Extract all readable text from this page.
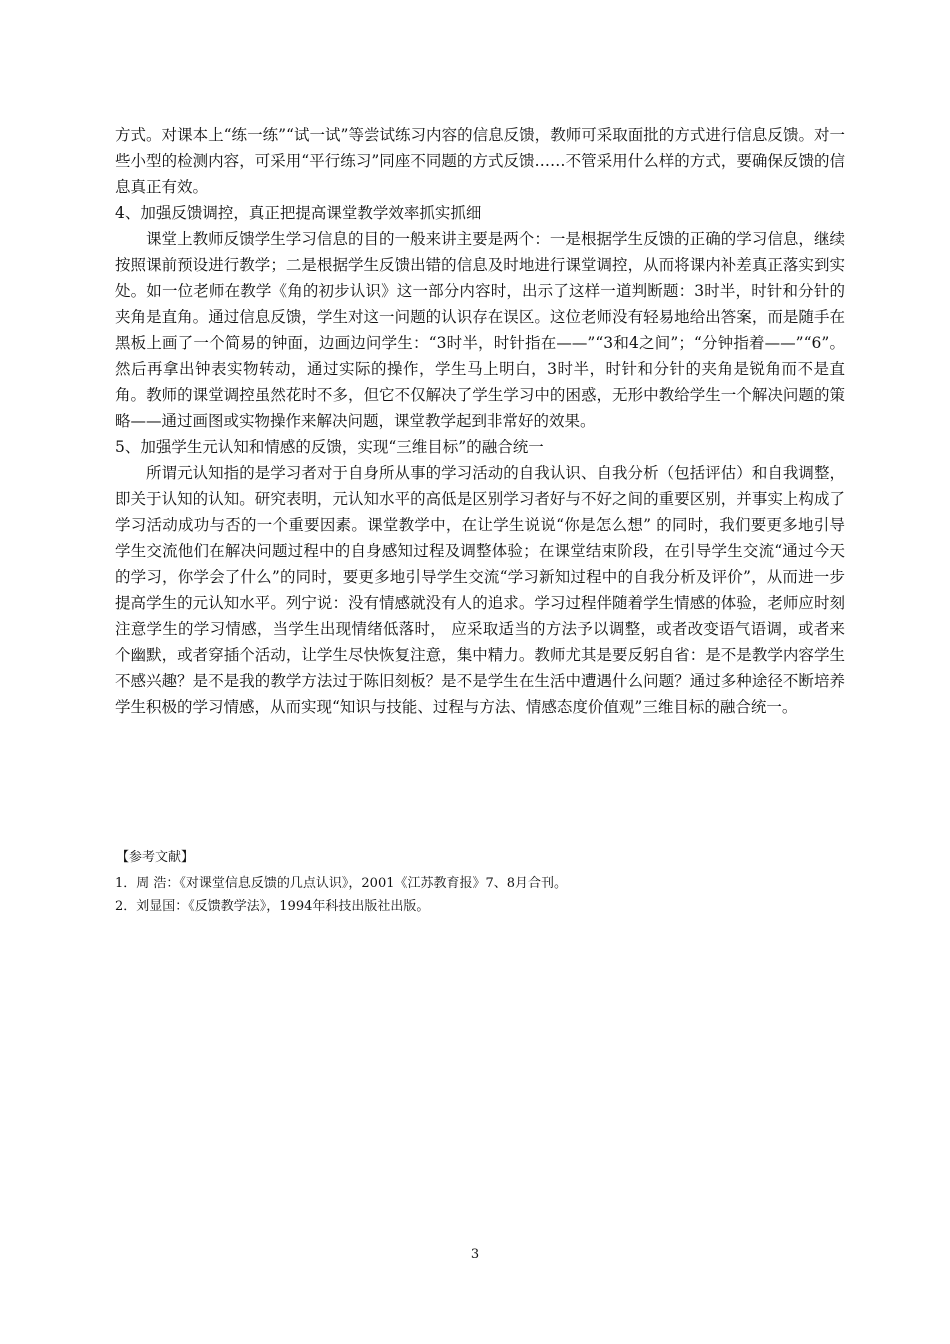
方式。对课本上“练一练”“试一试”等尝试练习内容的信息反馈，教师可采取面批的方式进行信息反馈。对一些小型的检测内容，可采用“平行练习”同座不同题的方式反馈……不管采用什么样的方式，要确保反馈的信息真正有效。

4、加强反馈调控，真正把提高课堂教学效率抓实抓细

课堂上教师反馈学生学习信息的目的一般来讲主要是两个：一是根据学生反馈的正确的学习信息，继续按照课前预设进行教学；二是根据学生反馈出错的信息及时地进行课堂调控，从而将课内补差真正落实到实处。如一位老师在教学《角的初步认识》这一部分内容时，出示了这样一道判断题：3时半，时针和分针的夹角是直角。通过信息反馈，学生对这一问题的认识存在误区。这位老师没有轻易地给出答案，而是随手在黑板上画了一个简易的钟面，边画边问学生：“3时半，时针指在——”“3和4之间”；“分钟指着——”“6”。然后再拿出钟表实物转动，通过实际的操作，学生马上明白，3时半，时针和分针的夹角是锐角而不是直角。教师的课堂调控虽然花时不多，但它不仅解决了学生学习中的困惑，无形中教给学生一个解决问题的策略——通过画图或实物操作来解决问题，课堂教学起到非常好的效果。

5、加强学生元认知和情感的反馈，实现“三维目标”的融合统一

所谓元认知指的是学习者对于自身所从事的学习活动的自我认识、自我分析（包括评估）和自我调整，即关于认知的认知。研究表明，元认知水平的高低是区别学习者好与不好之间的重要区别，并事实上构成了学习活动成功与否的一个重要因素。课堂教学中，在让学生说说“你是怎么想” 的同时，我们要更多地引导学生交流他们在解决问题过程中的自身感知过程及调整体验；在课堂结束阶段，在引导学生交流“通过今天的学习，你学会了什么”的同时，要更多地引导学生交流“学习新知过程中的自我分析及评价”，从而进一步提高学生的元认知水平。列宁说：没有情感就没有人的追求。学习过程伴随着学生情感的体验，老师应时刻注意学生的学习情感，当学生出现情绪低落时， 应采取适当的方法予以调整，或者改变语气语调，或者来个幽默，或者穿插个活动，让学生尽快恢复注意，集中精力。教师尤其是要反躬自省：是不是教学内容学生不感兴趣？是不是我的教学方法过于陈旧刻板？是不是学生在生活中遭遇什么问题？通过多种途径不断培养学生积极的学习情感，从而实现“知识与技能、过程与方法、情感态度价值观”三维目标的融合统一。

【参考文献】
1．周 浩：《对课堂信息反馈的几点认识》，2001《江苏教育报》7、8月合刊。
2．刘显国：《反馈教学法》，1994年科技出版社出版。
3
